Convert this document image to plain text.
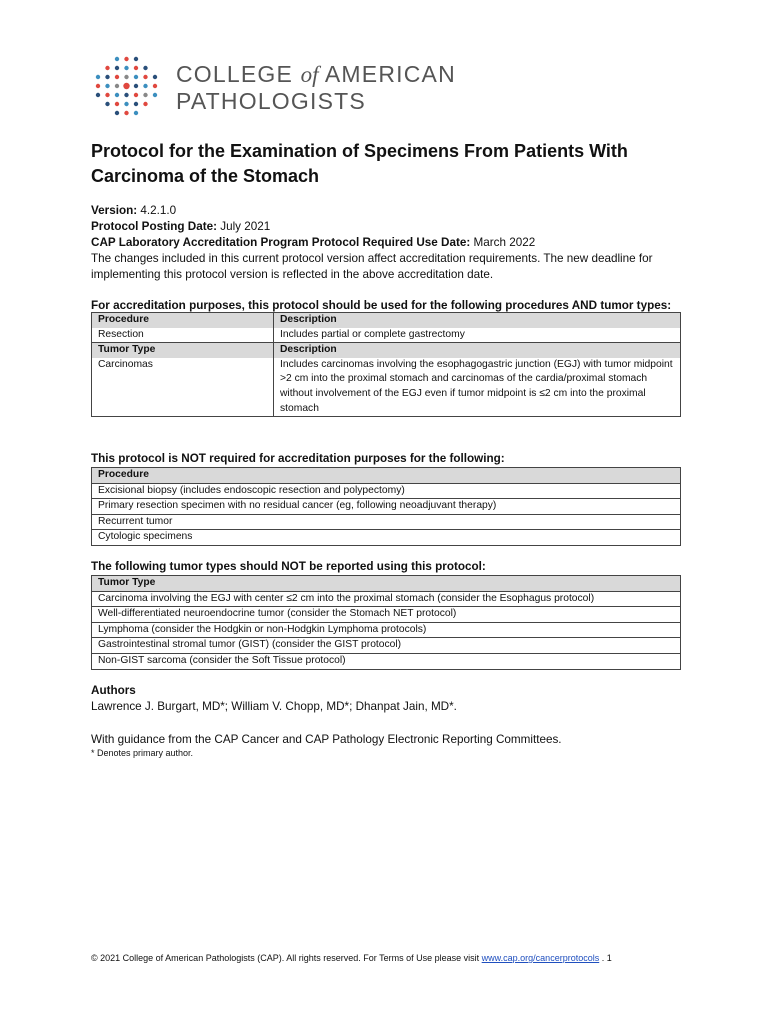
COLLEGE of AMERICAN
PATHOLOGISTS
Protocol for the Examination of Specimens From Patients With Carcinoma of the Stomach
Version: 4.2.1.0
Protocol Posting Date: July 2021
CAP Laboratory Accreditation Program Protocol Required Use Date: March 2022
The changes included in this current protocol version affect accreditation requirements. The new deadline for implementing this protocol version is reflected in the above accreditation date.
For accreditation purposes, this protocol should be used for the following procedures AND tumor types:
Procedure	Description
Resection	Includes partial or complete gastrectomy
Tumor Type	Description
Carcinomas	Includes carcinomas involving the esophagogastric junction (EGJ) with tumor midpoint >2 cm into the proximal stomach and carcinomas of the cardia/proximal stomach without involvement of the EGJ even if tumor midpoint is ≤2 cm into the proximal stomach
This protocol is NOT required for accreditation purposes for the following:
Procedure
Excisional biopsy (includes endoscopic resection and polypectomy)
Primary resection specimen with no residual cancer (eg, following neoadjuvant therapy)
Recurrent tumor
Cytologic specimens
The following tumor types should NOT be reported using this protocol:
Tumor Type
Carcinoma involving the EGJ with center ≤2 cm into the proximal stomach (consider the Esophagus protocol)
Well-differentiated neuroendocrine tumor (consider the Stomach NET protocol)
Lymphoma (consider the Hodgkin or non-Hodgkin Lymphoma protocols)
Gastrointestinal stromal tumor (GIST) (consider the GIST protocol)
Non-GIST sarcoma (consider the Soft Tissue protocol)
Authors
Lawrence J. Burgart, MD*; William V. Chopp, MD*; Dhanpat Jain, MD*.
With guidance from the CAP Cancer and CAP Pathology Electronic Reporting Committees.
* Denotes primary author.
© 2021 College of American Pathologists (CAP). All rights reserved. For Terms of Use please visit www.cap.org/cancerprotocols . 1
